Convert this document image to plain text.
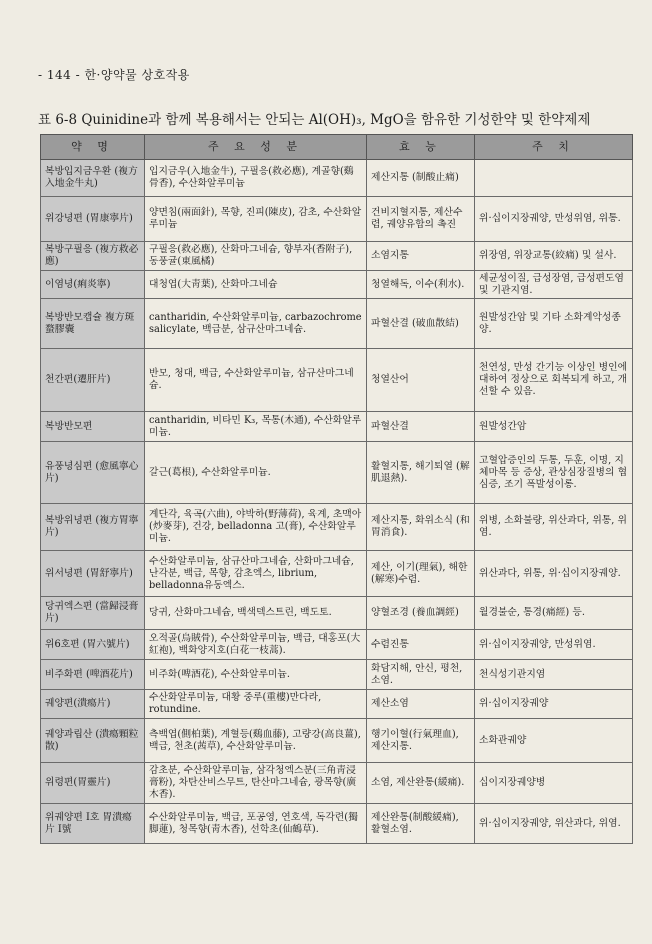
- 144 - 한·양약물 상호작용
표 6-8 Quinidine과 함께 복용해서는 안되는 Al(OH)₃, MgO을 함유한 기성한약 및 한약제제
약 명	주 요 성 분	효 능	주 치
복방입지금우환 (複方入地金牛丸)	입지금우(入地金牛), 구필응(救必應), 계골향(鷄骨香), 수산화알루미늄	제산지통 (制酸止痛)	
위강녕편 (胃康寧片)	양면침(兩面針), 목향, 진피(陳皮), 감초, 수산화알루미늄	건비지혈지통, 제산수렴, 궤양유합의 촉진	위·십이지장궤양, 만성위염, 위통.
복방구필응 (複方救必應)	구필응(救必應), 산화마그네슘, 향부자(香附子), 동풍귤(東風橘)	소염지통	위장염, 위장교통(絞痛) 및 설사.
이염녕(痢炎寧)	대청엽(大靑葉), 산화마그네슘	청열해독, 이수(利水).	세균성이질, 급성장염, 급성편도염 및 기관지염.
복방반모캡슐 複方斑蝥膠囊	cantharidin, 수산화알루미늄, carbazochrome salicylate, 백급분, 삼규산마그네슘.	파혈산결 (破血散結)	원발성간암 및 기타 소화계악성종양.
천간편(遷肝片)	반모, 청대, 백급, 수산화알루미늄, 삼규산마그네슘.	청열산어	천연성, 만성 간기능 이상인 병인에 대하여 정상으로 회복되게 하고, 개선할 수 있음.
복방반모편	cantharidin, 비타민 K₃, 목통(木通), 수산화알루미늄.	파혈산결	원발성간암
유풍녕심편 (愈風寧心片)	갈근(葛根), 수산화알루미늄.	활혈지통, 해기퇴열 (解肌退熱).	고혈압증인의 두통, 두훈, 이명, 지체마목 등 증상, 관상심장질병의 협심증, 조기 폭발성이롱.
복방위녕편 (複方胃寧片)	계단각, 육곡(六曲), 야박하(野薄荷), 육계, 초맥아(炒麥芽), 건강, belladonna 고(膏), 수산화알루미늄.	제산지통, 화위소식 (和胃消食).	위병, 소화불량, 위산과다, 위통, 위염.
위서녕편 (胃舒寧片)	수산화알루미늄, 삼규산마그네슘, 산화마그네슘, 난각분, 백급, 목향, 감초엑스, librium, belladonna유동엑스.	제산, 이기(理氣), 해한(解寒)수렴.	위산과다, 위통, 위·십이지장궤양.
당귀엑스편 (當歸浸膏片)	당귀, 산화마그네슘, 백색덱스트린, 백도토.	양혈조경 (養血調經)	월경불순, 통경(痛經) 등.
위6호편 (胃六號片)	오적골(烏賊骨), 수산화알루미늄, 백급, 대홍포(大紅袍), 백화양지호(白花一枝蒿).	수렴진통	위·십이지장궤양, 만성위염.
비주화편 (啤酒花片)	비주화(啤酒花), 수산화알루미늄.	화담지해, 안신, 평천, 소염.	천식성기관지염
궤양편(潰瘍片)	수산화알루미늄, 대황 중루(重樓)만다라, rotundine.	제산소염	위·십이지장궤양
궤양과립산 (潰瘍顆粒散)	측백엽(側柏葉), 계혈등(鷄血藤), 고량강(高良薑), 백급, 천초(茜草), 수산화알루미늄.	행기이혈(行氣理血), 제산지통.	소화관궤양
위령편(胃靈片)	감초분, 수산화알루미늄, 삼각청엑스분(三角靑浸膏粉), 차탄산비스무트, 탄산마그네슘, 광목향(廣木香).	소염, 제산완통(緩痛).	십이지장궤양병
위궤양편 I호 胃潰瘍片 I號	수산화알루미늄, 백급, 포공영, 연호색, 독각련(獨脚蓮), 청목향(靑木香), 선학초(仙鶴草).	제산완통(制酸緩痛), 활혈소염.	위·십이지장궤양, 위산과다, 위염.
